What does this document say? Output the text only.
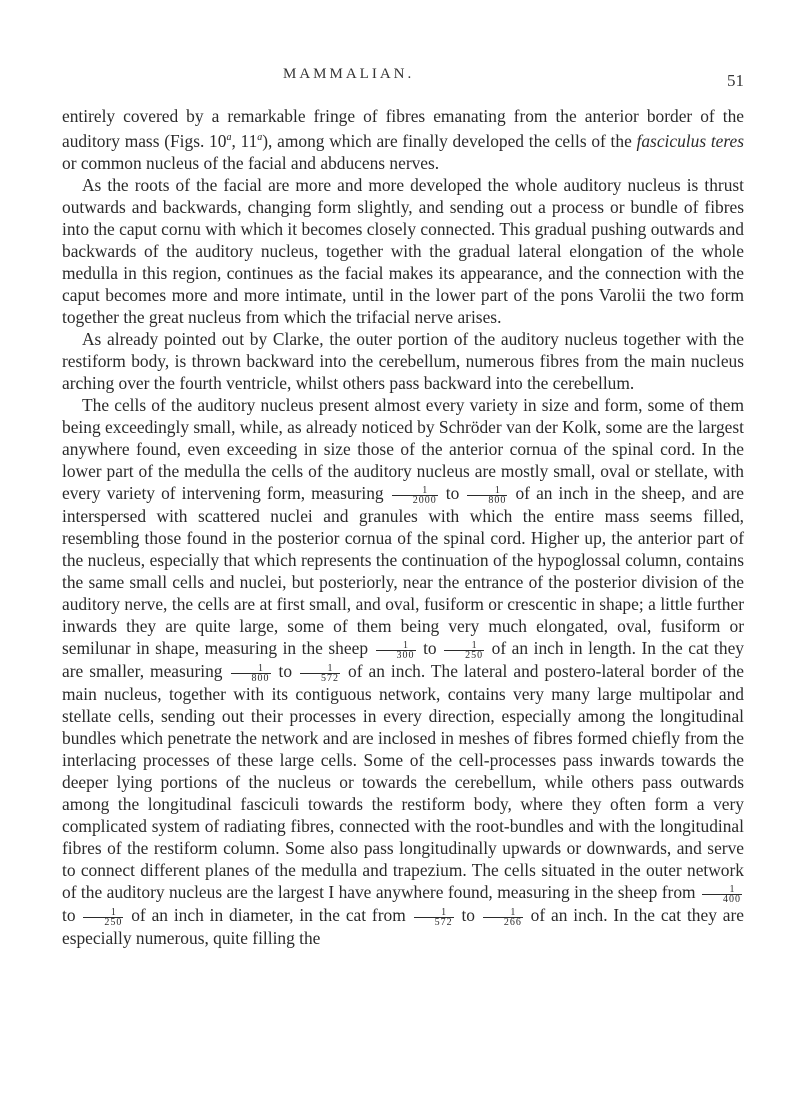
MAMMALIAN.	51

entirely covered by a remarkable fringe of fibres emanating from the anterior border of the auditory mass (Figs. 10$^a$, 11$^a$), among which are finally developed the cells of the fasciculus teres or common nucleus of the facial and abducens nerves.

As the roots of the facial are more and more developed the whole auditory nucleus is thrust outwards and backwards, changing form slightly, and sending out a process or bundle of fibres into the caput cornu with which it becomes closely connected. This gradual pushing outwards and backwards of the auditory nucleus, together with the gradual lateral elongation of the whole medulla in this region, continues as the facial makes its appearance, and the connection with the caput becomes more and more intimate, until in the lower part of the pons Varolii the two form together the great nucleus from which the trifacial nerve arises.

As already pointed out by Clarke, the outer portion of the auditory nucleus together with the restiform body, is thrown backward into the cerebellum, numerous fibres from the main nucleus arching over the fourth ventricle, whilst others pass backward into the cerebellum.

The cells of the auditory nucleus present almost every variety in size and form, some of them being exceedingly small, while, as already noticed by Schröder van der Kolk, some are the largest anywhere found, even exceeding in size those of the anterior cornua of the spinal cord. In the lower part of the medulla the cells of the auditory nucleus are mostly small, oval or stellate, with every variety of intervening form, measuring $\frac{1}{2000}$ to $\frac{1}{800}$ of an inch in the sheep, and are interspersed with scattered nuclei and granules with which the entire mass seems filled, resembling those found in the posterior cornua of the spinal cord. Higher up, the anterior part of the nucleus, especially that which represents the continuation of the hypoglossal column, contains the same small cells and nuclei, but posteriorly, near the entrance of the posterior division of the auditory nerve, the cells are at first small, and oval, fusiform or crescentic in shape; a little further inwards they are quite large, some of them being very much elongated, oval, fusiform or semilunar in shape, measuring in the sheep $\frac{1}{300}$ to $\frac{1}{250}$ of an inch in length. In the cat they are smaller, measuring $\frac{1}{800}$ to $\frac{1}{572}$ of an inch. The lateral and postero-lateral border of the main nucleus, together with its contiguous network, contains very many large multipolar and stellate cells, sending out their processes in every direction, especially among the longitudinal bundles which penetrate the network and are inclosed in meshes of fibres formed chiefly from the interlacing processes of these large cells. Some of the cell-processes pass inwards towards the deeper lying portions of the nucleus or towards the cerebellum, while others pass outwards among the longitudinal fasciculi towards the restiform body, where they often form a very complicated system of radiating fibres, connected with the root-bundles and with the longitudinal fibres of the restiform column. Some also pass longitudinally upwards or downwards, and serve to connect different planes of the medulla and trapezium. The cells situated in the outer network of the auditory nucleus are the largest I have anywhere found, measuring in the sheep from $\frac{1}{400}$
to $\frac{1}{250}$ of an inch in diameter, in the cat from $\frac{1}{572}$ to $\frac{1}{266}$ of an inch. In the cat they are especially numerous, quite filling the
